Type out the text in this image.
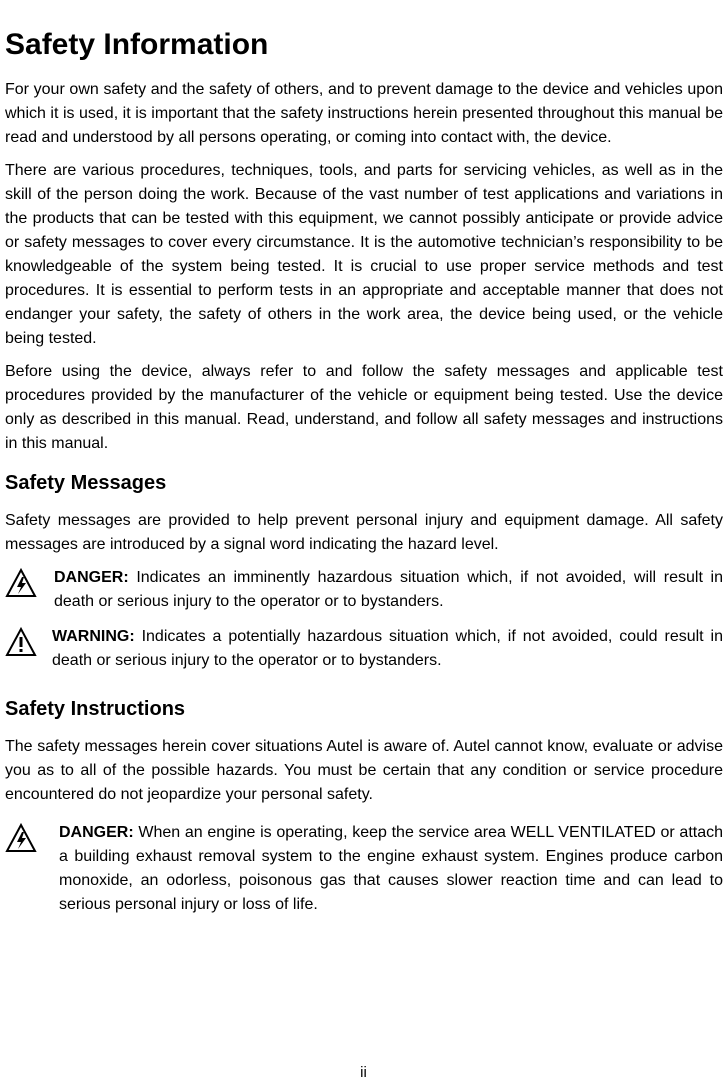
Safety Information

For your own safety and the safety of others, and to prevent damage to the device and vehicles upon which it is used, it is important that the safety instructions herein presented throughout this manual be read and understood by all persons operating, or coming into contact with, the device.

There are various procedures, techniques, tools, and parts for servicing vehicles, as well as in the skill of the person doing the work. Because of the vast number of test applications and variations in the products that can be tested with this equipment, we cannot possibly anticipate or provide advice or safety messages to cover every circumstance. It is the automotive technician’s responsibility to be knowledgeable of the system being tested. It is crucial to use proper service methods and test procedures. It is essential to perform tests in an appropriate and acceptable manner that does not endanger your safety, the safety of others in the work area, the device being used, or the vehicle being tested.

Before using the device, always refer to and follow the safety messages and applicable test procedures provided by the manufacturer of the vehicle or equipment being tested. Use the device only as described in this manual. Read, understand, and follow all safety messages and instructions in this manual.

Safety Messages

Safety messages are provided to help prevent personal injury and equipment damage. All safety messages are introduced by a signal word indicating the hazard level.

DANGER: Indicates an imminently hazardous situation which, if not avoided, will result in death or serious injury to the operator or to bystanders.
WARNING: Indicates a potentially hazardous situation which, if not avoided, could result in death or serious injury to the operator or to bystanders.
Safety Instructions

The safety messages herein cover situations Autel is aware of. Autel cannot know, evaluate or advise you as to all of the possible hazards. You must be certain that any condition or service procedure encountered do not jeopardize your personal safety.

DANGER: When an engine is operating, keep the service area WELL VENTILATED or attach a building exhaust removal system to the engine exhaust system. Engines produce carbon monoxide, an odorless, poisonous gas that causes slower reaction time and can lead to serious personal injury or loss of life.
ii
